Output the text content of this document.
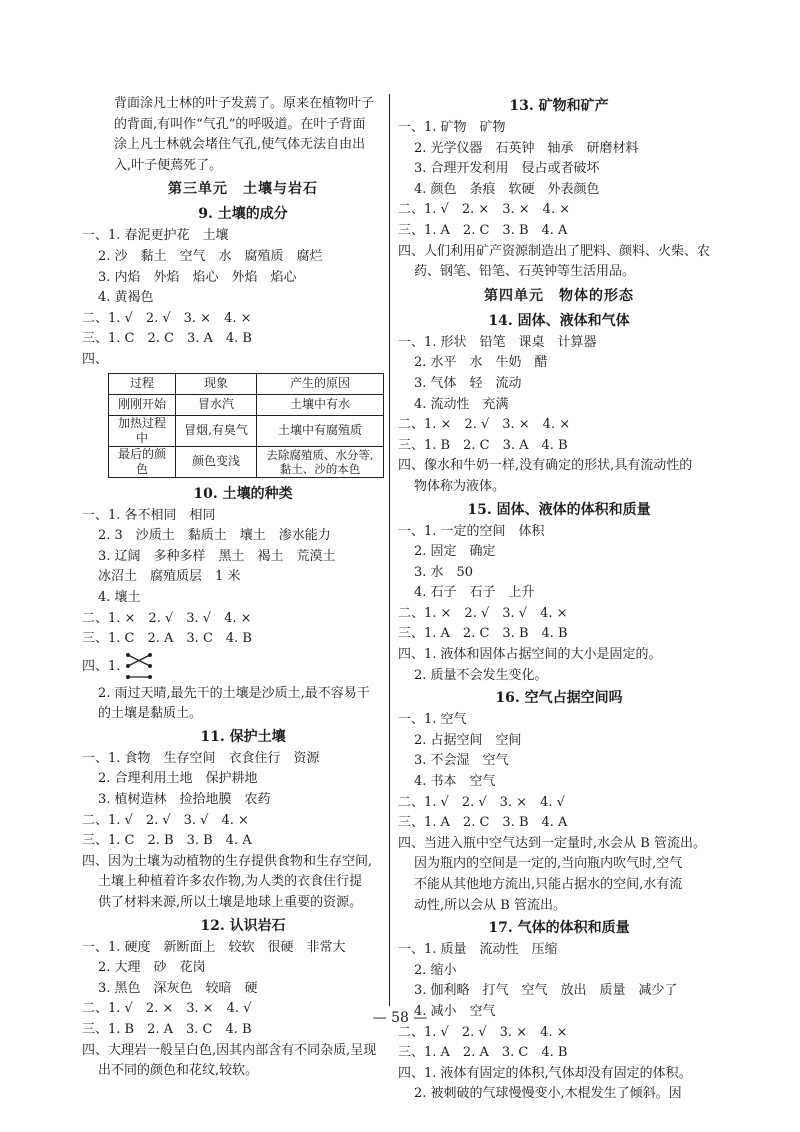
背面涂凡士林的叶子发蔫了。原来在植物叶子
的背面,有叫作“气孔”的呼吸道。在叶子背面
涂上凡士林就会堵住气孔,使气体无法自由出
入,叶子便蔫死了。
第三单元　土壤与岩石
9. 土壤的成分
一、1. 春泥更护花　土壤
2. 沙　黏土　空气　水　腐殖质　腐烂
3. 内焰　外焰　焰心　外焰　焰心
4. 黄褐色
二、1. √　2. √　3. ×　4. ×
三、1. C　2. C　3. A　4. B
四、
过程	现象	产生的原因
刚刚开始	冒水汽	土壤中有水
加热过程中	冒烟,有臭气	土壤中有腐殖质
最后的颜色	颜色变浅	去除腐殖质、水分等,黏土、沙的本色
10. 土壤的种类
一、1. 各不相同　相同
2. 3　沙质土　黏质土　壤土　渗水能力
3. 辽阔　多种多样　黑土　褐土　荒漠土
冰沼土　腐殖质层　1 米
4. 壤土
二、1. ×　2. √　3. √　4. ×
三、1. C　2. A　3. C　4. B
四、1.
2. 雨过天晴,最先干的土壤是沙质土,最不容易干
的土壤是黏质土。
11. 保护土壤
一、1. 食物　生存空间　衣食住行　资源
2. 合理利用土地　保护耕地
3. 植树造林　捡拾地膜　农药
二、1. √　2. √　3. √　4. ×
三、1. C　2. B　3. B　4. A
四、因为土壤为动植物的生存提供食物和生存空间,
土壤上种植着许多农作物,为人类的衣食住行提
供了材料来源,所以土壤是地球上重要的资源。
12. 认识岩石
一、1. 硬度　新断面上　较软　很硬　非常大
2. 大理　砂　花岗
3. 黑色　深灰色　较暗　硬
二、1. √　2. ×　3. ×　4. √
三、1. B　2. A　3. C　4. B
四、大理岩一般呈白色,因其内部含有不同杂质,呈现
出不同的颜色和花纹,较软。
13. 矿物和矿产
一、1. 矿物　矿物
2. 光学仪器　石英钟　轴承　研磨材料
3. 合理开发利用　侵占或者破坏
4. 颜色　条痕　软硬　外表颜色
二、1. √　2. ×　3. ×　4. ×
三、1. A　2. C　3. B　4. A
四、人们利用矿产资源制造出了肥料、颜料、火柴、农
药、钢笔、铅笔、石英钟等生活用品。
第四单元　物体的形态
14. 固体、液体和气体
一、1. 形状　铅笔　课桌　计算器
2. 水平　水　牛奶　醋
3. 气体　轻　流动
4. 流动性　充满
二、1. ×　2. √　3. ×　4. ×
三、1. B　2. C　3. A　4. B
四、像水和牛奶一样,没有确定的形状,具有流动性的
物体称为液体。
15. 固体、液体的体积和质量
一、1. 一定的空间　体积
2. 固定　确定
3. 水　50
4. 石子　石子　上升
二、1. ×　2. √　3. √　4. ×
三、1. A　2. C　3. B　4. B
四、1. 液体和固体占据空间的大小是固定的。
2. 质量不会发生变化。
16. 空气占据空间吗
一、1. 空气
2. 占据空间　空间
3. 不会湿　空气
4. 书本　空气
二、1. √　2. √　3. ×　4. √
三、1. A　2. C　3. B　4. A
四、当进入瓶中空气达到一定量时,水会从 B 管流出。
因为瓶内的空间是一定的,当向瓶内吹气时,空气
不能从其他地方流出,只能占据水的空间,水有流
动性,所以会从 B 管流出。
17. 气体的体积和质量
一、1. 质量　流动性　压缩
2. 缩小
3. 伽利略　打气　空气　放出　质量　减少了
4. 减小　空气
二、1. √　2. √　3. ×　4. ×
三、1. A　2. A　3. C　4. B
四、1. 液体有固定的体积,气体却没有固定的体积。
2. 被刺破的气球慢慢变小,木棍发生了倾斜。因
— 58 —
